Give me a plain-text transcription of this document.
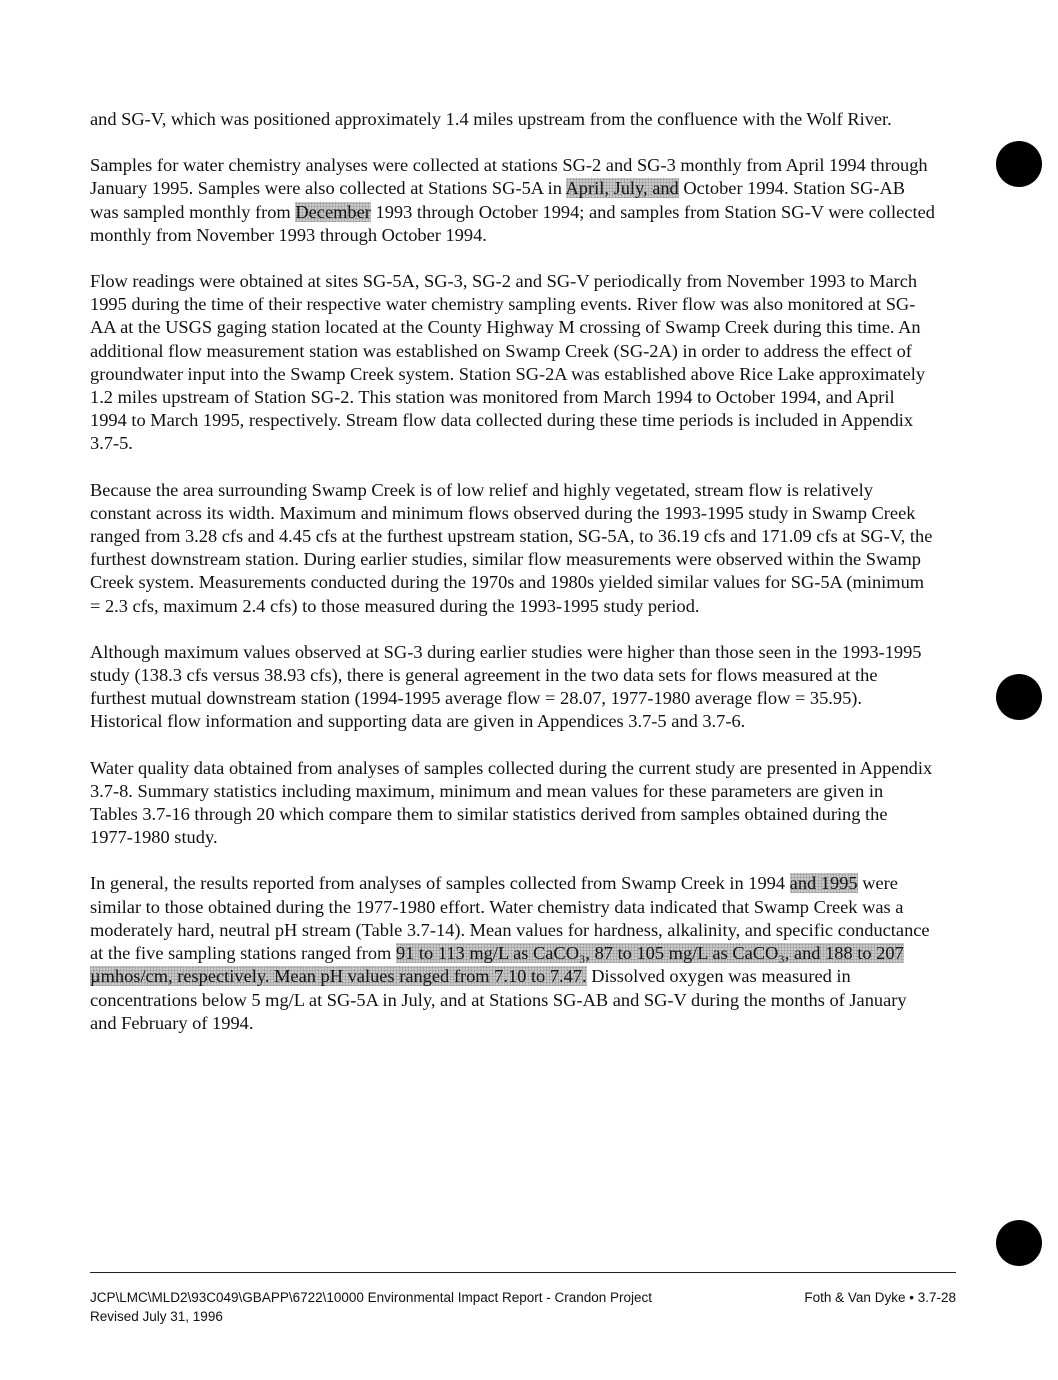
and SG-V, which was positioned approximately 1.4 miles upstream from the confluence with the Wolf River.

Samples for water chemistry analyses were collected at stations SG-2 and SG-3 monthly from April 1994 through January 1995. Samples were also collected at Stations SG-5A in April, July, and October 1994. Station SG-AB was sampled monthly from December 1993 through October 1994; and samples from Station SG-V were collected monthly from November 1993 through October 1994.

Flow readings were obtained at sites SG-5A, SG-3, SG-2 and SG-V periodically from November 1993 to March 1995 during the time of their respective water chemistry sampling events. River flow was also monitored at SG-AA at the USGS gaging station located at the County Highway M crossing of Swamp Creek during this time. An additional flow measurement station was established on Swamp Creek (SG-2A) in order to address the effect of groundwater input into the Swamp Creek system. Station SG-2A was established above Rice Lake approximately 1.2 miles upstream of Station SG-2. This station was monitored from March 1994 to October 1994, and April 1994 to March 1995, respectively. Stream flow data collected during these time periods is included in Appendix 3.7-5.

Because the area surrounding Swamp Creek is of low relief and highly vegetated, stream flow is relatively constant across its width. Maximum and minimum flows observed during the 1993-1995 study in Swamp Creek ranged from 3.28 cfs and 4.45 cfs at the furthest upstream station, SG-5A, to 36.19 cfs and 171.09 cfs at SG-V, the furthest downstream station. During earlier studies, similar flow measurements were observed within the Swamp Creek system. Measurements conducted during the 1970s and 1980s yielded similar values for SG-5A (minimum = 2.3 cfs, maximum 2.4 cfs) to those measured during the 1993-1995 study period.

Although maximum values observed at SG-3 during earlier studies were higher than those seen in the 1993-1995 study (138.3 cfs versus 38.93 cfs), there is general agreement in the two data sets for flows measured at the furthest mutual downstream station (1994-1995 average flow = 28.07, 1977-1980 average flow = 35.95). Historical flow information and supporting data are given in Appendices 3.7-5 and 3.7-6.

Water quality data obtained from analyses of samples collected during the current study are presented in Appendix 3.7-8. Summary statistics including maximum, minimum and mean values for these parameters are given in Tables 3.7-16 through 20 which compare them to similar statistics derived from samples obtained during the 1977-1980 study.

In general, the results reported from analyses of samples collected from Swamp Creek in 1994 and 1995 were similar to those obtained during the 1977-1980 effort. Water chemistry data indicated that Swamp Creek was a moderately hard, neutral pH stream (Table 3.7-14). Mean values for hardness, alkalinity, and specific conductance at the five sampling stations ranged from 91 to 113 mg/L as CaCO₃, 87 to 105 mg/L as CaCO₃, and 188 to 207 µmhos/cm, respectively. Mean pH values ranged from 7.10 to 7.47. Dissolved oxygen was measured in concentrations below 5 mg/L at SG-5A in July, and at Stations SG-AB and SG-V during the months of January and February of 1994.

JCP\LMC\MLD2\93C049\GBAPP\6722\10000 Environmental Impact Report - Crandon Project
Revised July 31, 1996
Foth & Van Dyke • 3.7-28
